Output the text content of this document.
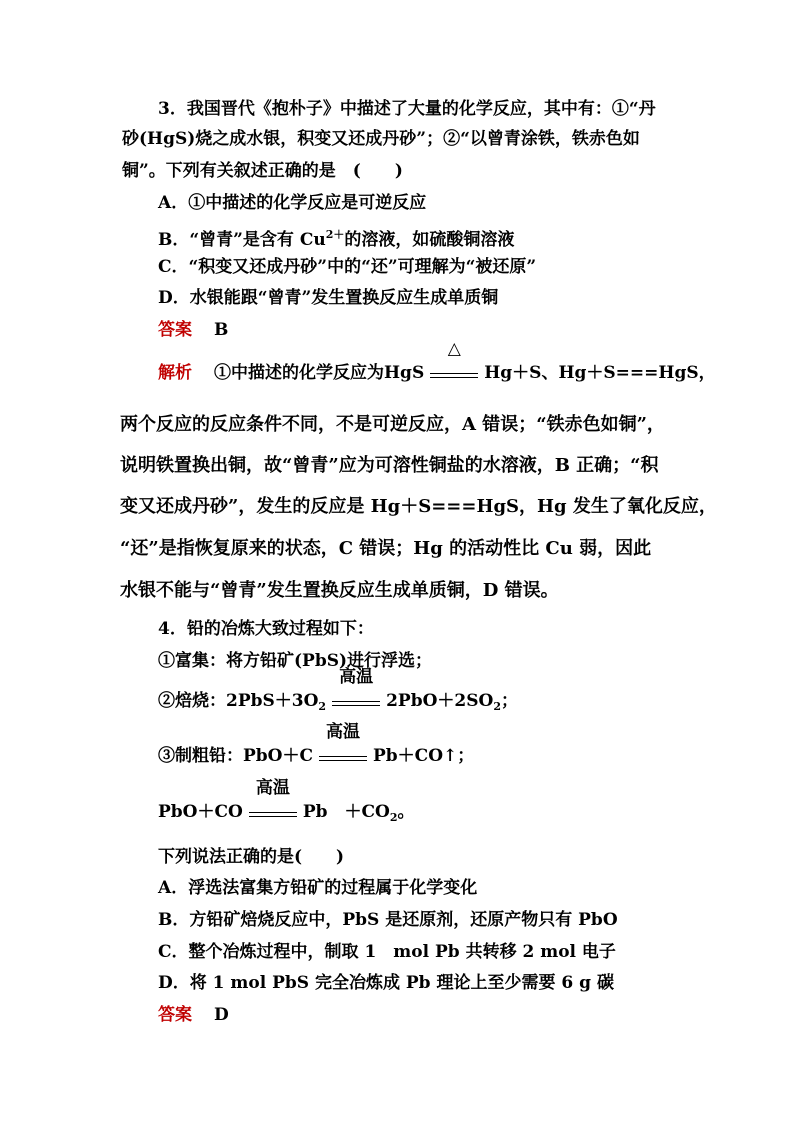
3．我国晋代《抱朴子》中描述了大量的化学反应，其中有：①“丹
砂(HgS)烧之成水银，积变又还成丹砂”；②“以曾青涂铁，铁赤色如
铜”。下列有关叙述正确的是　(　　)
A．①中描述的化学反应是可逆反应
B．“曾青”是含有 $Cu^{2+}$的溶液，如硫酸铜溶液
C．“积变又还成丹砂”中的“还”可理解为“被还原”
D．水银能跟“曾青”发生置换反应生成单质铜
答案 B
解析 ①中描述的化学反应为HgS
△
Hg＋S、Hg＋S===HgS，
两个反应的反应条件不同，不是可逆反应，A 错误；“铁赤色如铜”，
说明铁置换出铜，故“曾青”应为可溶性铜盐的水溶液，B 正确；“积
变又还成丹砂”，发生的反应是 Hg＋S===HgS，Hg 发生了氧化反应，
“还”是指恢复原来的状态，C 错误；Hg 的活动性比 Cu 弱，因此
水银不能与“曾青”发生置换反应生成单质铜，D 错误。
4．铅的冶炼大致过程如下：
①富集：将方铅矿(PbS)进行浮选；
②焙烧：$2PbS+3O_2$
高温
$2PbO+2SO_2$；
③制粗铅：PbO＋C
高温
Pb＋CO↑；
PbO＋CO
高温
Pb　$+CO_2$。
下列说法正确的是(　　)
A．浮选法富集方铅矿的过程属于化学变化
B．方铅矿焙烧反应中，PbS 是还原剂，还原产物只有 PbO
C．整个冶炼过程中，制取 1　mol Pb 共转移 2 mol 电子
D．将 1 mol PbS 完全冶炼成 Pb 理论上至少需要 6 g 碳
答案 D
